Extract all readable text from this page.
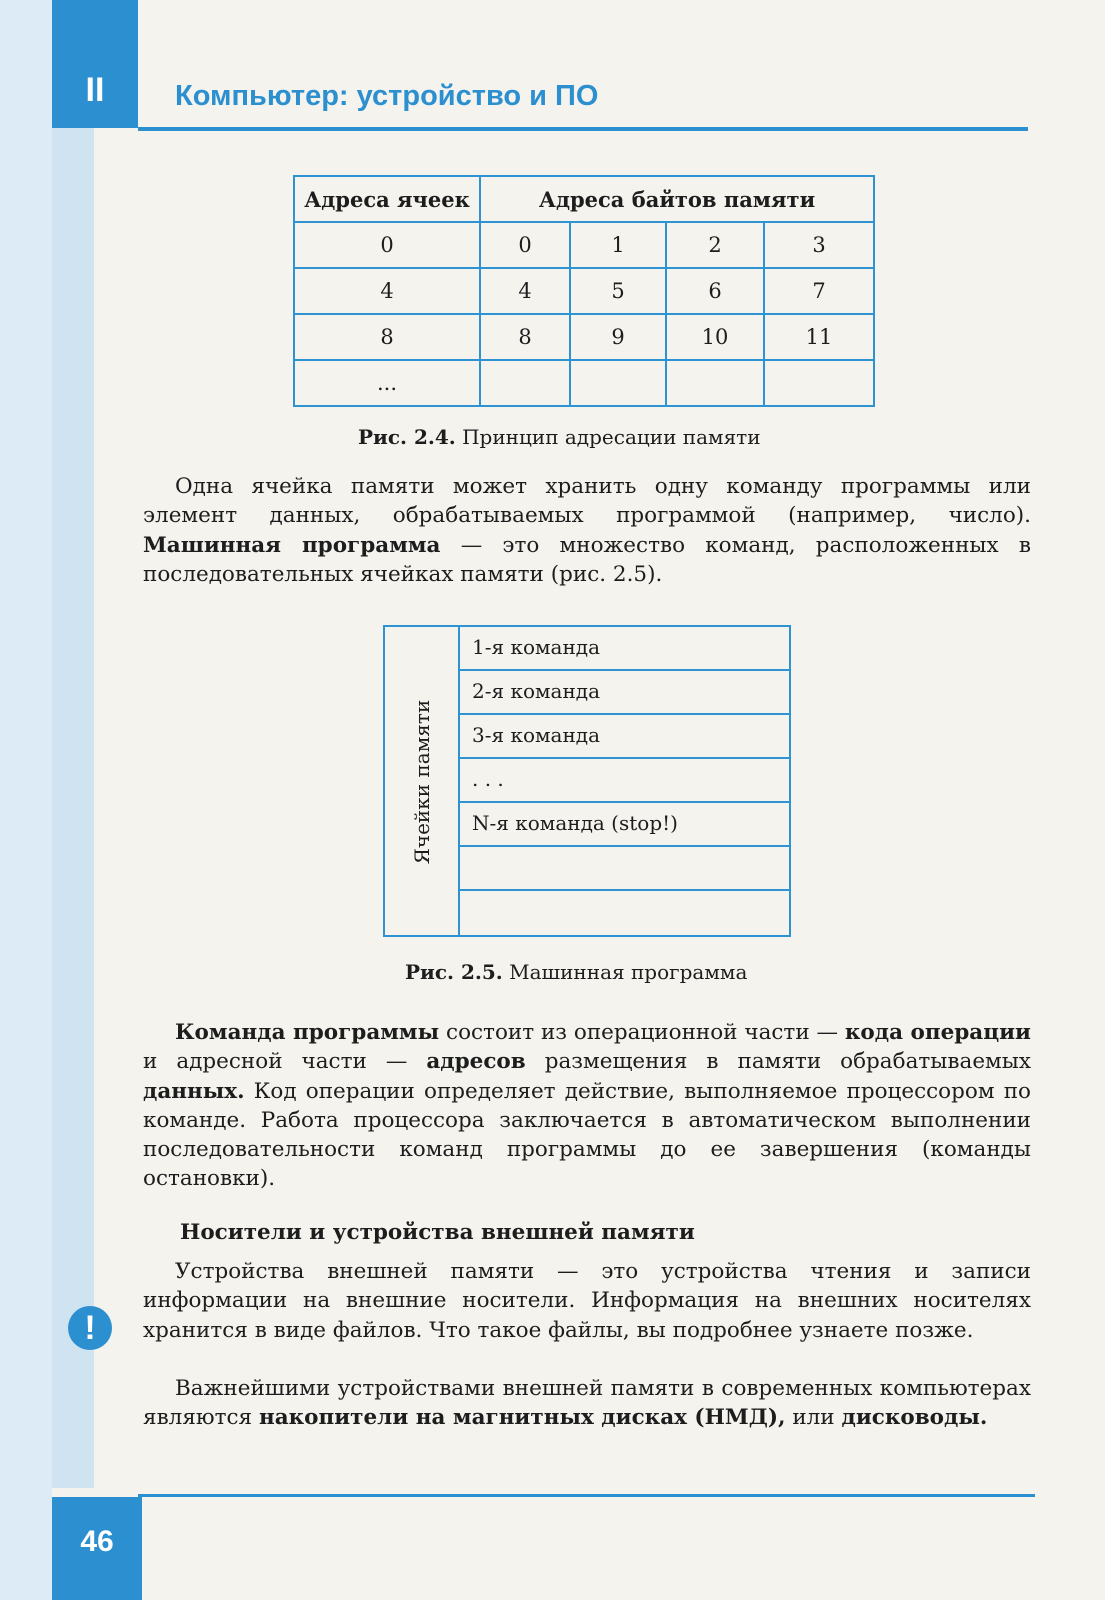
II	Компьютер: устройство и ПО
Адреса ячеек	Адреса байтов памяти			
0	0	1	2	3
4	4	5	6	7
8	8	9	10	11
...				
Рис. 2.4. Принцип адресации памяти

Одна ячейка памяти может хранить одну команду программы или элемент данных, обрабатываемых программой (например, число). Машинная программа — это множество команд, расположенных в последовательных ячейках памяти (рис. 2.5).

Ячейки памяти
1-я команда
2-я команда
3-я команда
. . .
N-я команда (stop!)
Рис. 2.5. Машинная программа

Команда программы состоит из операционной части — кода операции и адресной части — адресов размещения в памяти обрабатываемых данных. Код операции определяет действие, выполняемое процессором по команде. Работа процессора заключается в автоматическом выполнении последовательности команд программы до ее завершения (команды остановки).

Носители и устройства внешней памяти
!

Устройства внешней памяти — это устройства чтения и записи информации на внешние носители. Информация на внешних носителях хранится в виде файлов. Что такое файлы, вы подробнее узнаете позже.

Важнейшими устройствами внешней памяти в современных компьютерах являются накопители на магнитных дисках (НМД), или дисководы.

46
